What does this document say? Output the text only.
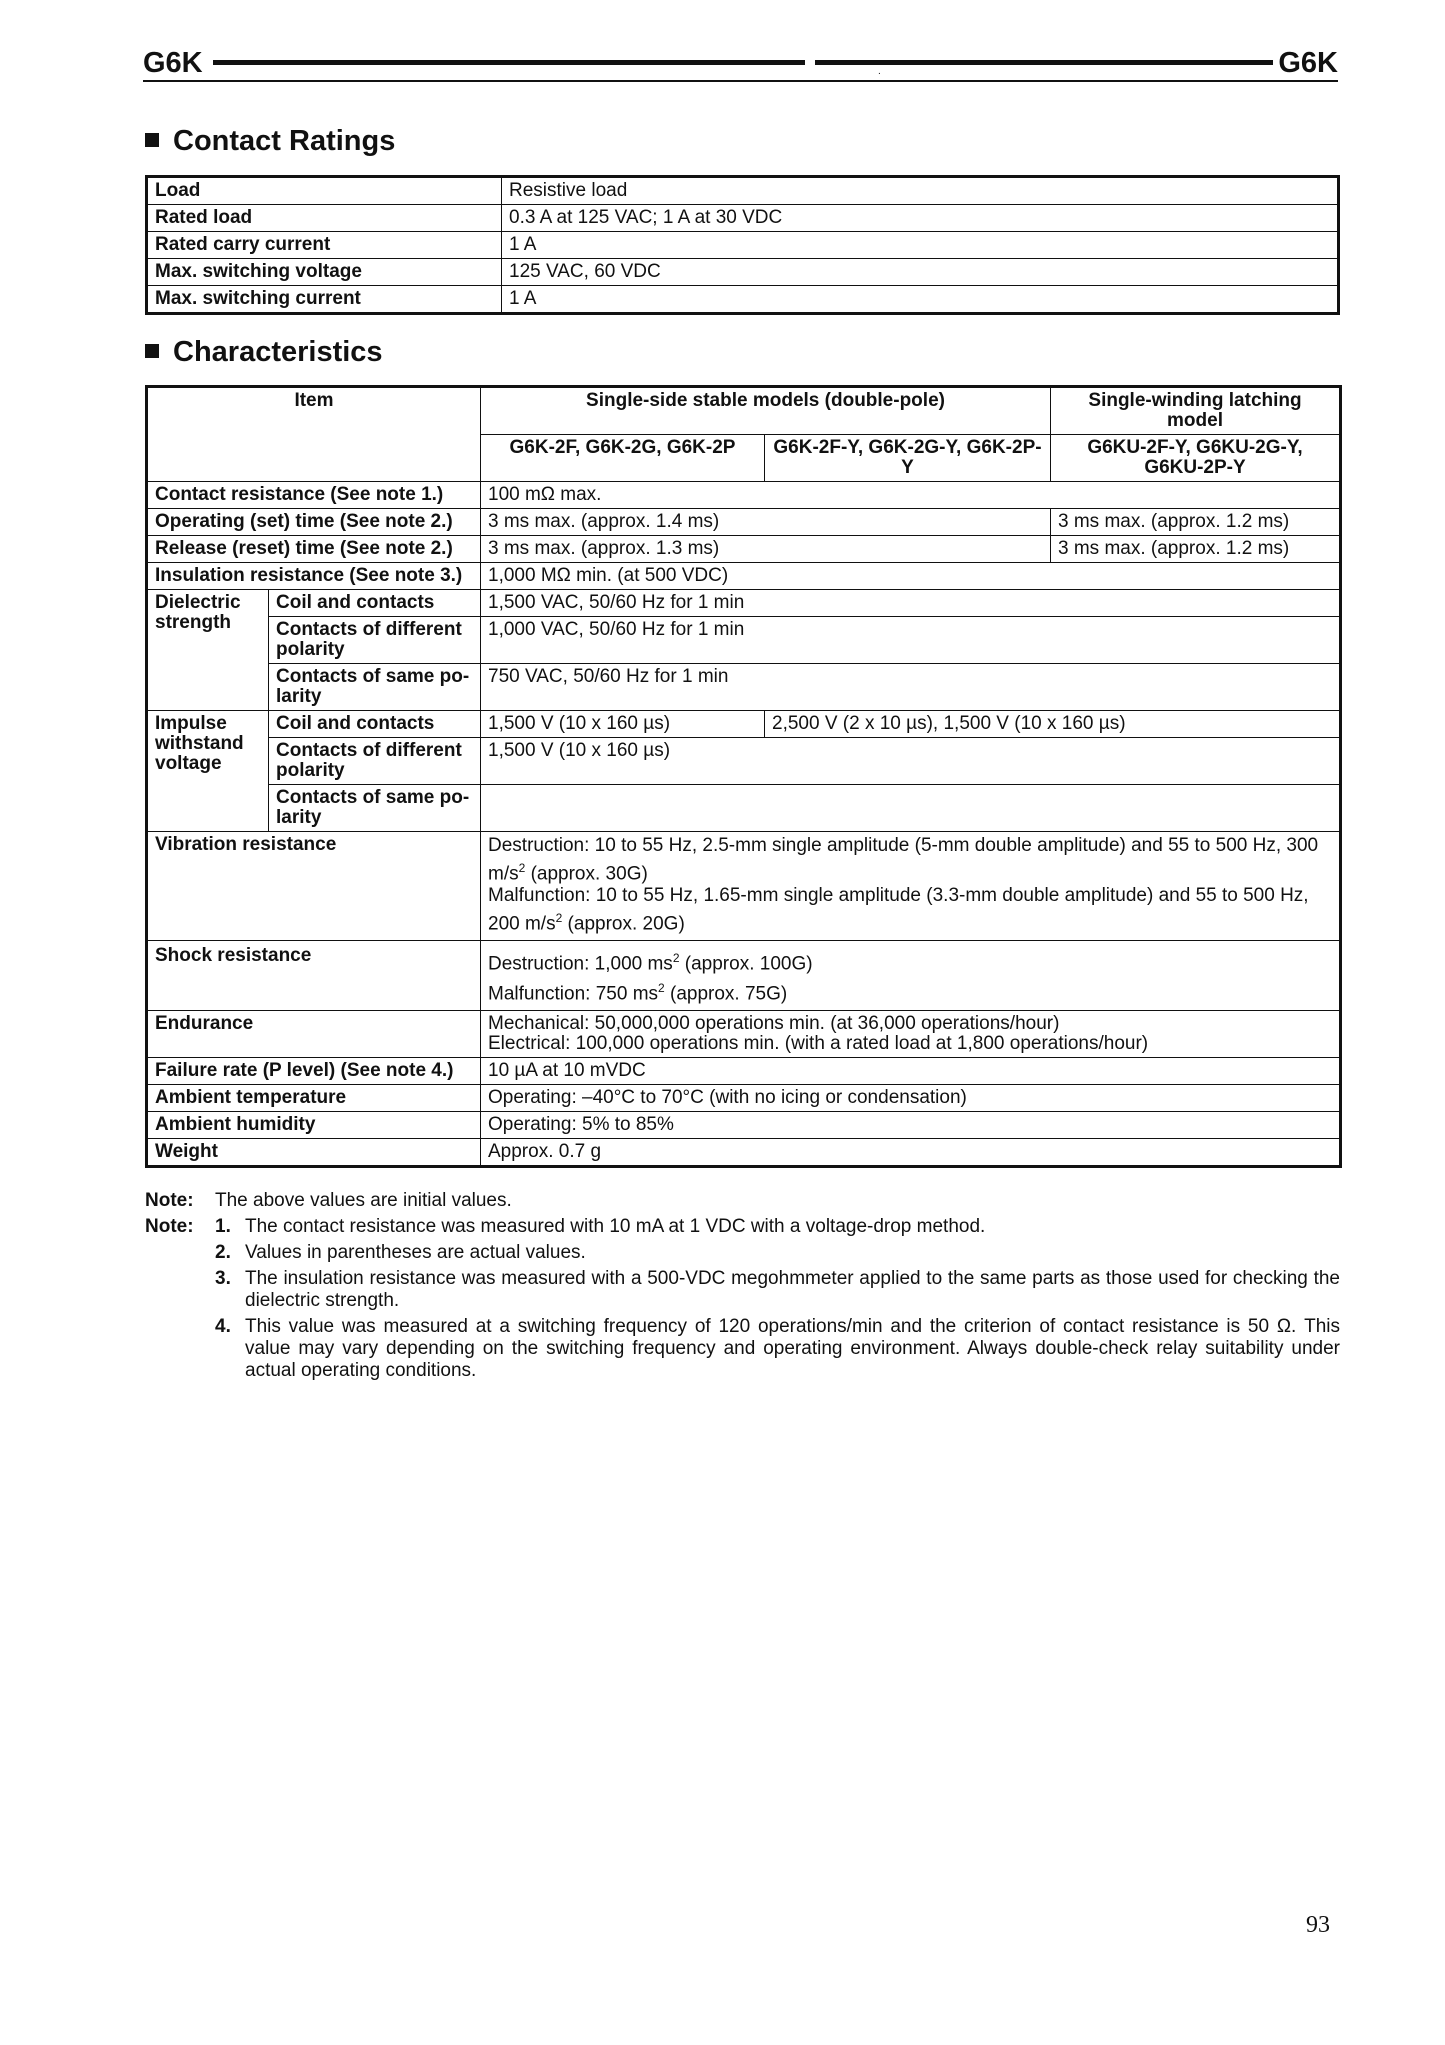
G6K	.	G6K
Contact Ratings
Load	Resistive load
Rated load	0.3 A at 125 VAC; 1 A at 30 VDC
Rated carry current	1 A
Max. switching voltage	125 VAC, 60 VDC
Max. switching current	1 A
Characteristics
Item		Single-side stable models (double-pole)		Single-winding latching model
		G6K-2F, G6K-2G, G6K-2P	G6K-2F-Y, G6K-2G-Y, G6K-2P-Y	G6KU-2F-Y, G6KU-2G-Y, G6KU-2P-Y
Contact resistance (See note 1.)		100 mΩ max.		
Operating (set) time (See note 2.)		3 ms max. (approx. 1.4 ms)		3 ms max. (approx. 1.2 ms)
Release (reset) time (See note 2.)		3 ms max. (approx. 1.3 ms)		3 ms max. (approx. 1.2 ms)
Insulation resistance (See note 3.)		1,000 MΩ min. (at 500 VDC)		
Dielectric strength	Coil and contacts	1,500 VAC, 50/60 Hz for 1 min		
	Contacts of different polarity	1,000 VAC, 50/60 Hz for 1 min		
	Contacts of same po-larity	750 VAC, 50/60 Hz for 1 min		
Impulse withstand voltage	Coil and contacts	1,500 V (10 x 160 µs)	2,500 V (2 x 10 µs), 1,500 V (10 x 160 µs)	
	Contacts of different polarity	1,500 V (10 x 160 µs)		
	Contacts of same po-larity			
Vibration resistance		Destruction: 10 to 55 Hz, 2.5-mm single amplitude (5-mm double amplitude) and 55 to 500 Hz, 300 $m/s^2$ (approx. 30G)
Malfunction: 10 to 55 Hz, 1.65-mm single amplitude (3.3-mm double amplitude) and 55 to 500 Hz, 200 $m/s^2$ (approx. 20G)		

Shock resistance		Destruction: 1,000 $ms^2$ (approx. 100G)
Malfunction: 750 $ms^2$ (approx. 75G)		

Endurance		Mechanical: 50,000,000 operations min. (at 36,000 operations/hour)
Electrical: 100,000 operations min. (with a rated load at 1,800 operations/hour)		

Failure rate (P level) (See note 4.)		10 µA at 10 mVDC		
Ambient temperature		Operating: –40°C to 70°C (with no icing or condensation)		
Ambient humidity		Operating: 5% to 85%		
Weight		Approx. 0.7 g		
Note:	The above values are initial values.
Note:	1. The contact resistance was measured with 10 mA at 1 VDC with a voltage-drop method.
2. Values in parentheses are actual values.
3. The insulation resistance was measured with a 500-VDC megohmmeter applied to the same parts as those used for checking the dielectric strength.
4. This value was measured at a switching frequency of 120 operations/min and the criterion of contact resistance is 50 Ω. This value may vary depending on the switching frequency and operating environment. Always double-check relay suitability under actual operating conditions.
93
